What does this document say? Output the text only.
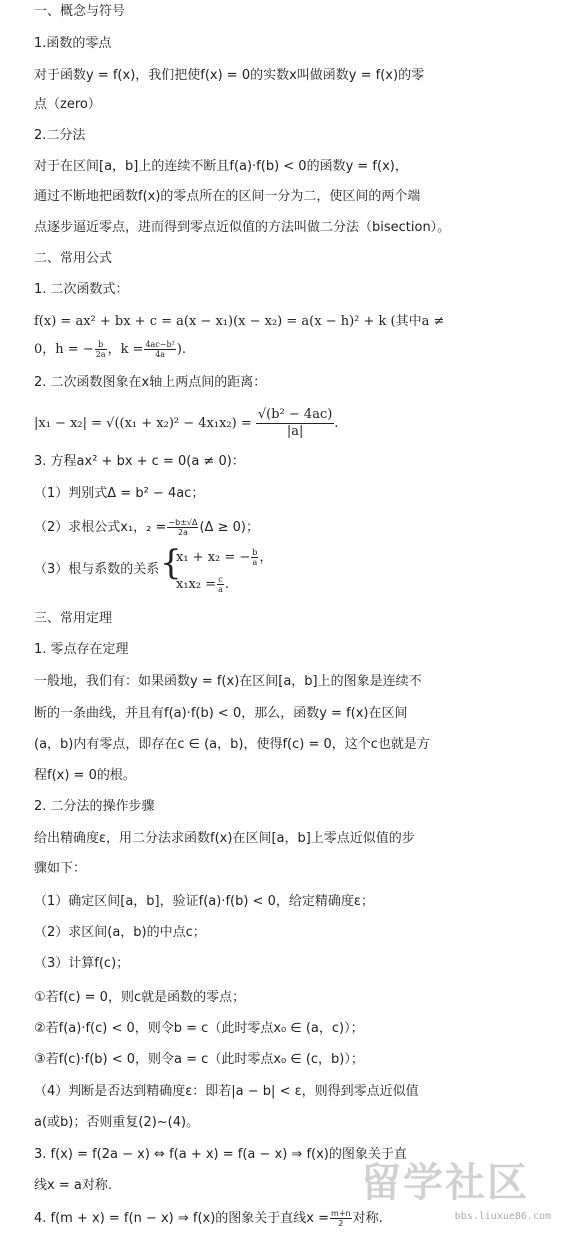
一、概念与符号
1.函数的零点
对于函数y = f(x)，我们把使f(x) = 0的实数x叫做函数y = f(x)的零
点（zero）
2.二分法
对于在区间[a，b]上的连续不断且f(a)·f(b) < 0的函数y = f(x)，
通过不断地把函数f(x)的零点所在的区间一分为二，使区间的两个端
点逐步逼近零点，进而得到零点近似值的方法叫做二分法（bisection）。
二、常用公式
1. 二次函数式：
f(x) = ax² + bx + c = a(x − x₁)(x − x₂) = a(x − h)² + k (其中a ≠
0，h = − $\frac{b}{2a}$ ，$k = \frac{\text{4ac−b²}}{4a}$ ).
2. 二次函数图象在x轴上两点间的距离：
$|x_1 - x_2| = √((x_1 + x_2)^2 - 4x_1x_2) = \frac{\text{√(b² − 4ac)}}{|a|}$ .
3. 方程ax² + bx + c = 0(a ≠ 0)：
（1）判别式Δ = b² − 4ac；
（2）求根公式x₁，$_2 = \frac{-b\pm√\Delta}{2a} (\Delta \ge 0)$；
（3）根与系数的关系 {
x₁ + x₂ = − $\frac{b}{a}$ ，
$x_1x_2 = \frac{c}{a}$ .
三、常用定理
1. 零点存在定理
一般地，我们有：如果函数y = f(x)在区间[a，b]上的图象是连续不
断的一条曲线，并且有f(a)·f(b) < 0，那么，函数y = f(x)在区间
(a，b)内有零点，即存在c ∈ (a，b)，使得f(c) = 0，这个c也就是方
程f(x) = 0的根。
2. 二分法的操作步骤
给出精确度ε，用二分法求函数f(x)在区间[a，b]上零点近似值的步
骤如下：
（1）确定区间[a，b]，验证f(a)·f(b) < 0，给定精确度ε；
（2）求区间(a，b)的中点c；
（3）计算f(c)；
①若f(c) = 0，则c就是函数的零点；
②若f(a)·f(c) < 0，则令b = c（此时零点x₀ ∈ (a，c)）；
③若f(c)·f(b) < 0，则令a = c（此时零点x₀ ∈ (c，b)）；
（4）判断是否达到精确度ε：即若|a − b| < ε，则得到零点近似值
a(或b)；否则重复(2)~(4)。
3. f(x) = f(2a − x) ⇔ f(a + x) = f(a − x) ⇒ f(x)的图象关于直
线x = a对称.
4. f(m + x) = f(n − x) ⇒ f(x)的图象关于直线$x = \frac{m+n}{2}$ 对称.
留学社区
bbs.liuxue86.com
